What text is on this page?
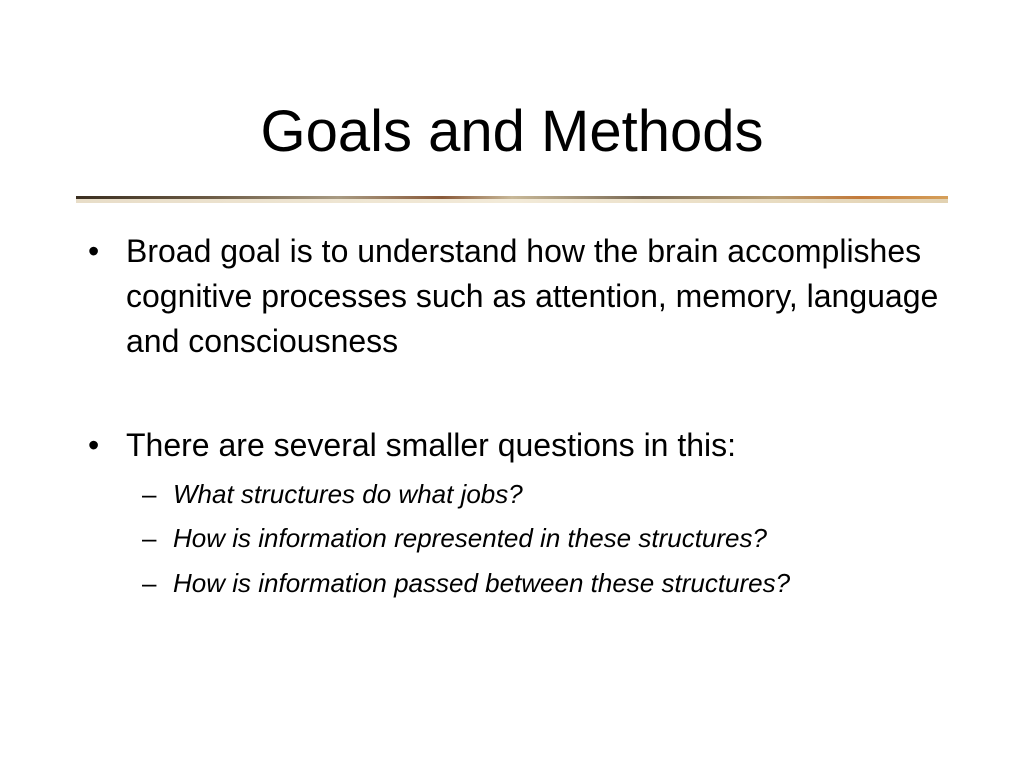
Goals and Methods
• Broad goal is to understand how the brain accomplishes cognitive processes such as attention, memory, language and consciousness
• There are several smaller questions in this:
– What structures do what jobs?
– How is information represented in these structures?
– How is information passed between these structures?
